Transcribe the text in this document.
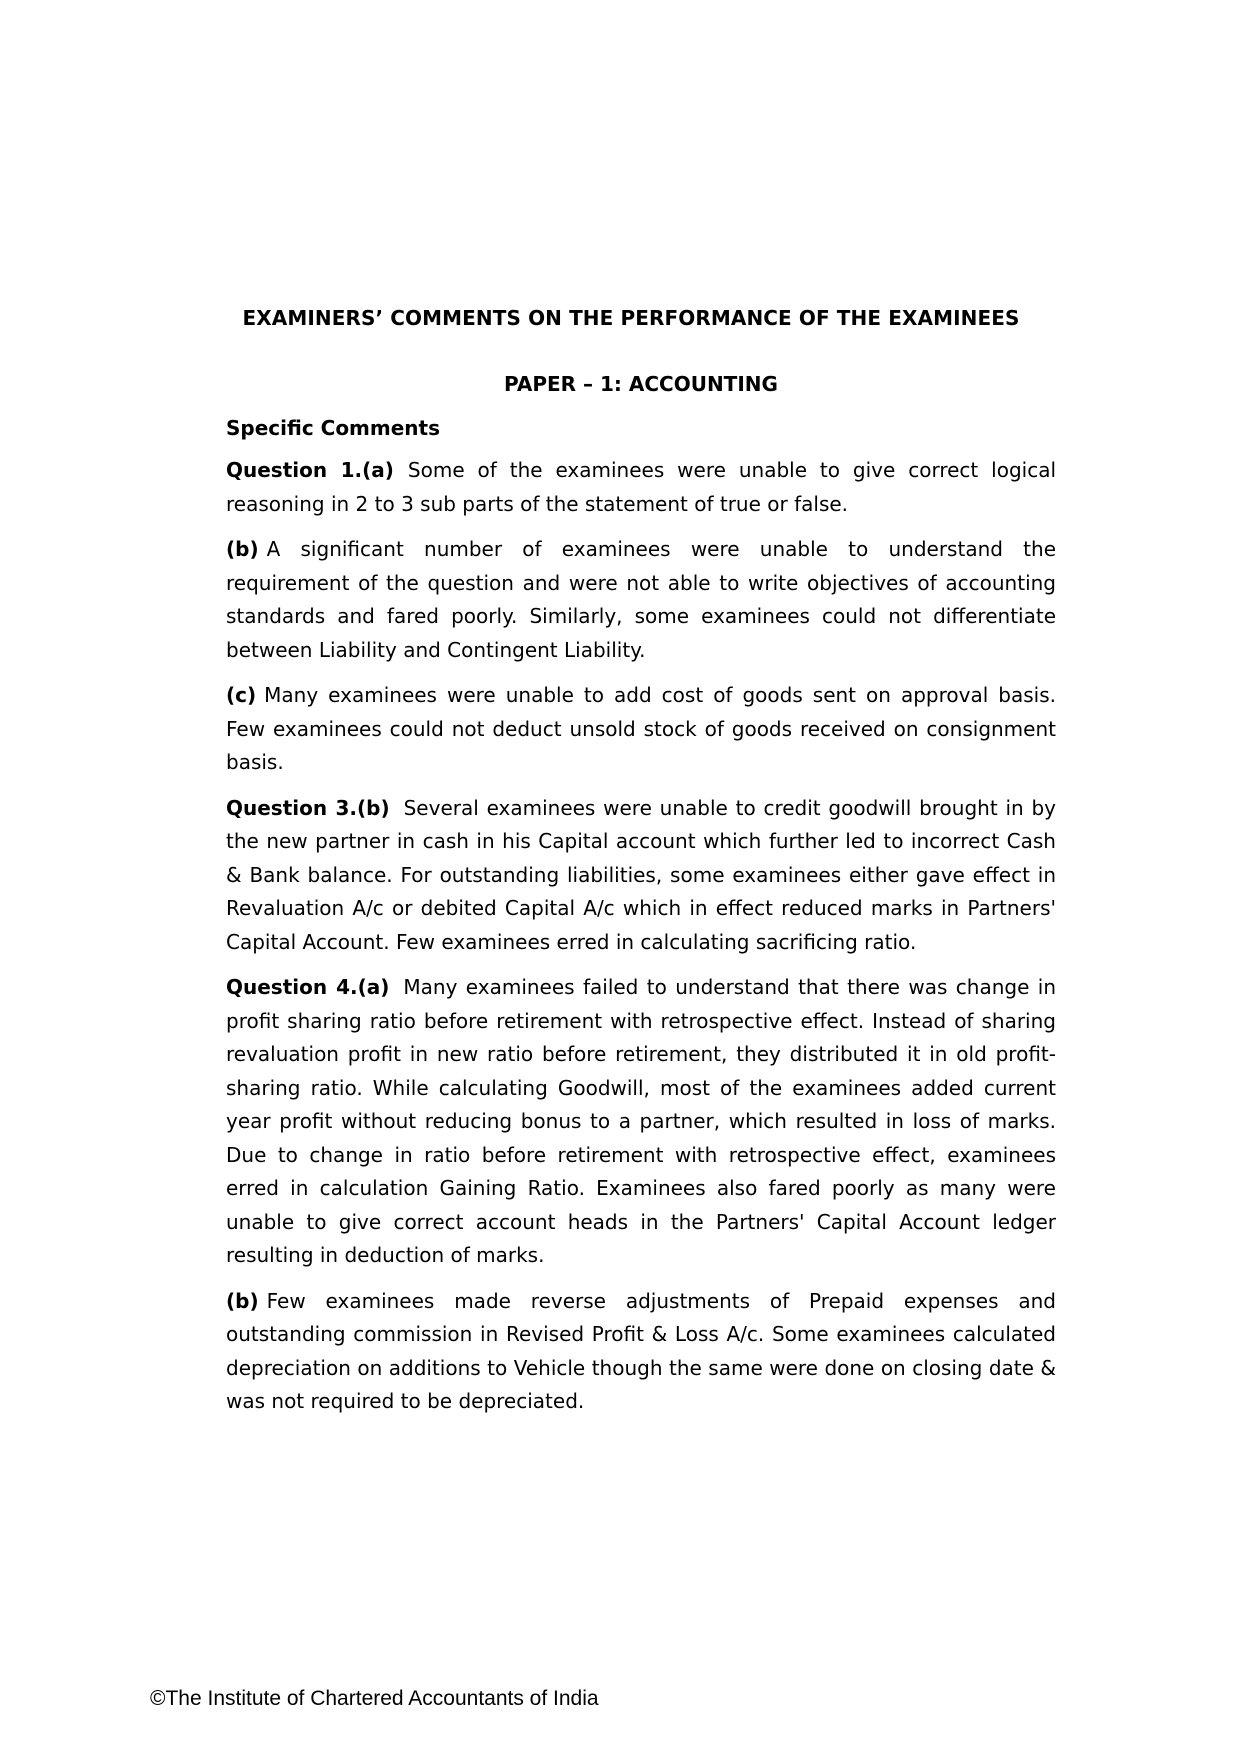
EXAMINERS’ COMMENTS ON THE PERFORMANCE OF THE EXAMINEES
PAPER – 1: ACCOUNTING
Specific Comments

Question 1.(a) Some of the examinees were unable to give correct logical reasoning in 2 to 3 sub parts of the statement of true or false.

(b) A significant number of examinees were unable to understand the requirement of the question and were not able to write objectives of accounting standards and fared poorly. Similarly, some examinees could not differentiate between Liability and Contingent Liability.

(c) Many examinees were unable to add cost of goods sent on approval basis. Few examinees could not deduct unsold stock of goods received on consignment basis.

Question 3.(b) Several examinees were unable to credit goodwill brought in by the new partner in cash in his Capital account which further led to incorrect Cash & Bank balance. For outstanding liabilities, some examinees either gave effect in Revaluation A/c or debited Capital A/c which in effect reduced marks in Partners' Capital Account. Few examinees erred in calculating sacrificing ratio.

Question 4.(a) Many examinees failed to understand that there was change in profit sharing ratio before retirement with retrospective effect. Instead of sharing revaluation profit in new ratio before retirement, they distributed it in old profit-sharing ratio. While calculating Goodwill, most of the examinees added current year profit without reducing bonus to a partner, which resulted in loss of marks. Due to change in ratio before retirement with retrospective effect, examinees erred in calculation Gaining Ratio. Examinees also fared poorly as many were unable to give correct account heads in the Partners' Capital Account ledger resulting in deduction of marks.

(b) Few examinees made reverse adjustments of Prepaid expenses and outstanding commission in Revised Profit & Loss A/c. Some examinees calculated depreciation on additions to Vehicle though the same were done on closing date & was not required to be depreciated.

©The Institute of Chartered Accountants of India
